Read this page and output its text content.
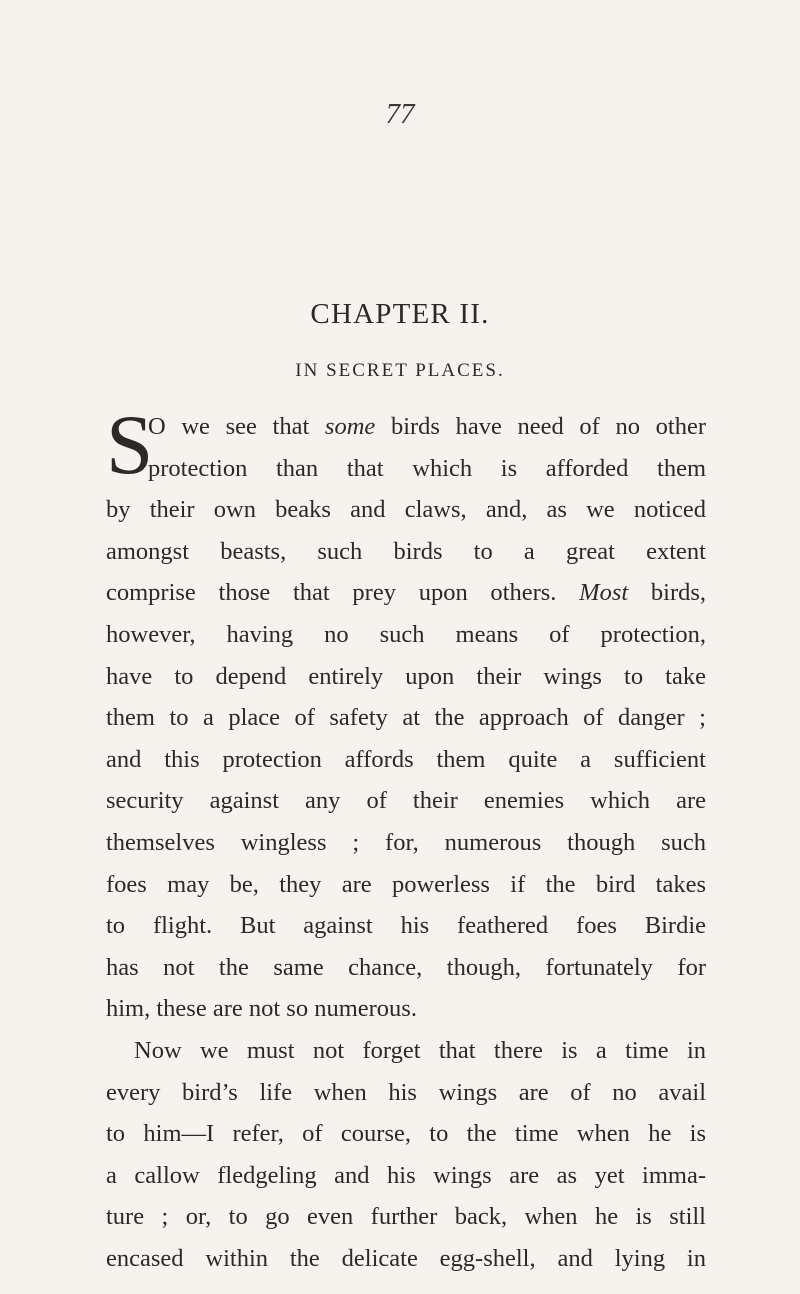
77
CHAPTER II.
IN SECRET PLACES.
S
O we see that some birds have need of no other
protection than that which is afforded them
by their own beaks and claws, and, as we noticed
amongst beasts, such birds to a great extent
comprise those that prey upon others. Most birds,
however, having no such means of protection,
have to depend entirely upon their wings to take
them to a place of safety at the approach of danger ;
and this protection affords them quite a sufficient
security against any of their enemies which are
themselves wingless ; for, numerous though such
foes may be, they are powerless if the bird takes
to flight. But against his feathered foes Birdie
has not the same chance, though, fortunately for
him, these are not so numerous.
Now we must not forget that there is a time in
every bird’s life when his wings are of no avail
to him—I refer, of course, to the time when he is
a callow fledgeling and his wings are as yet imma-
ture ; or, to go even further back, when he is still
encased within the delicate egg-shell, and lying in
